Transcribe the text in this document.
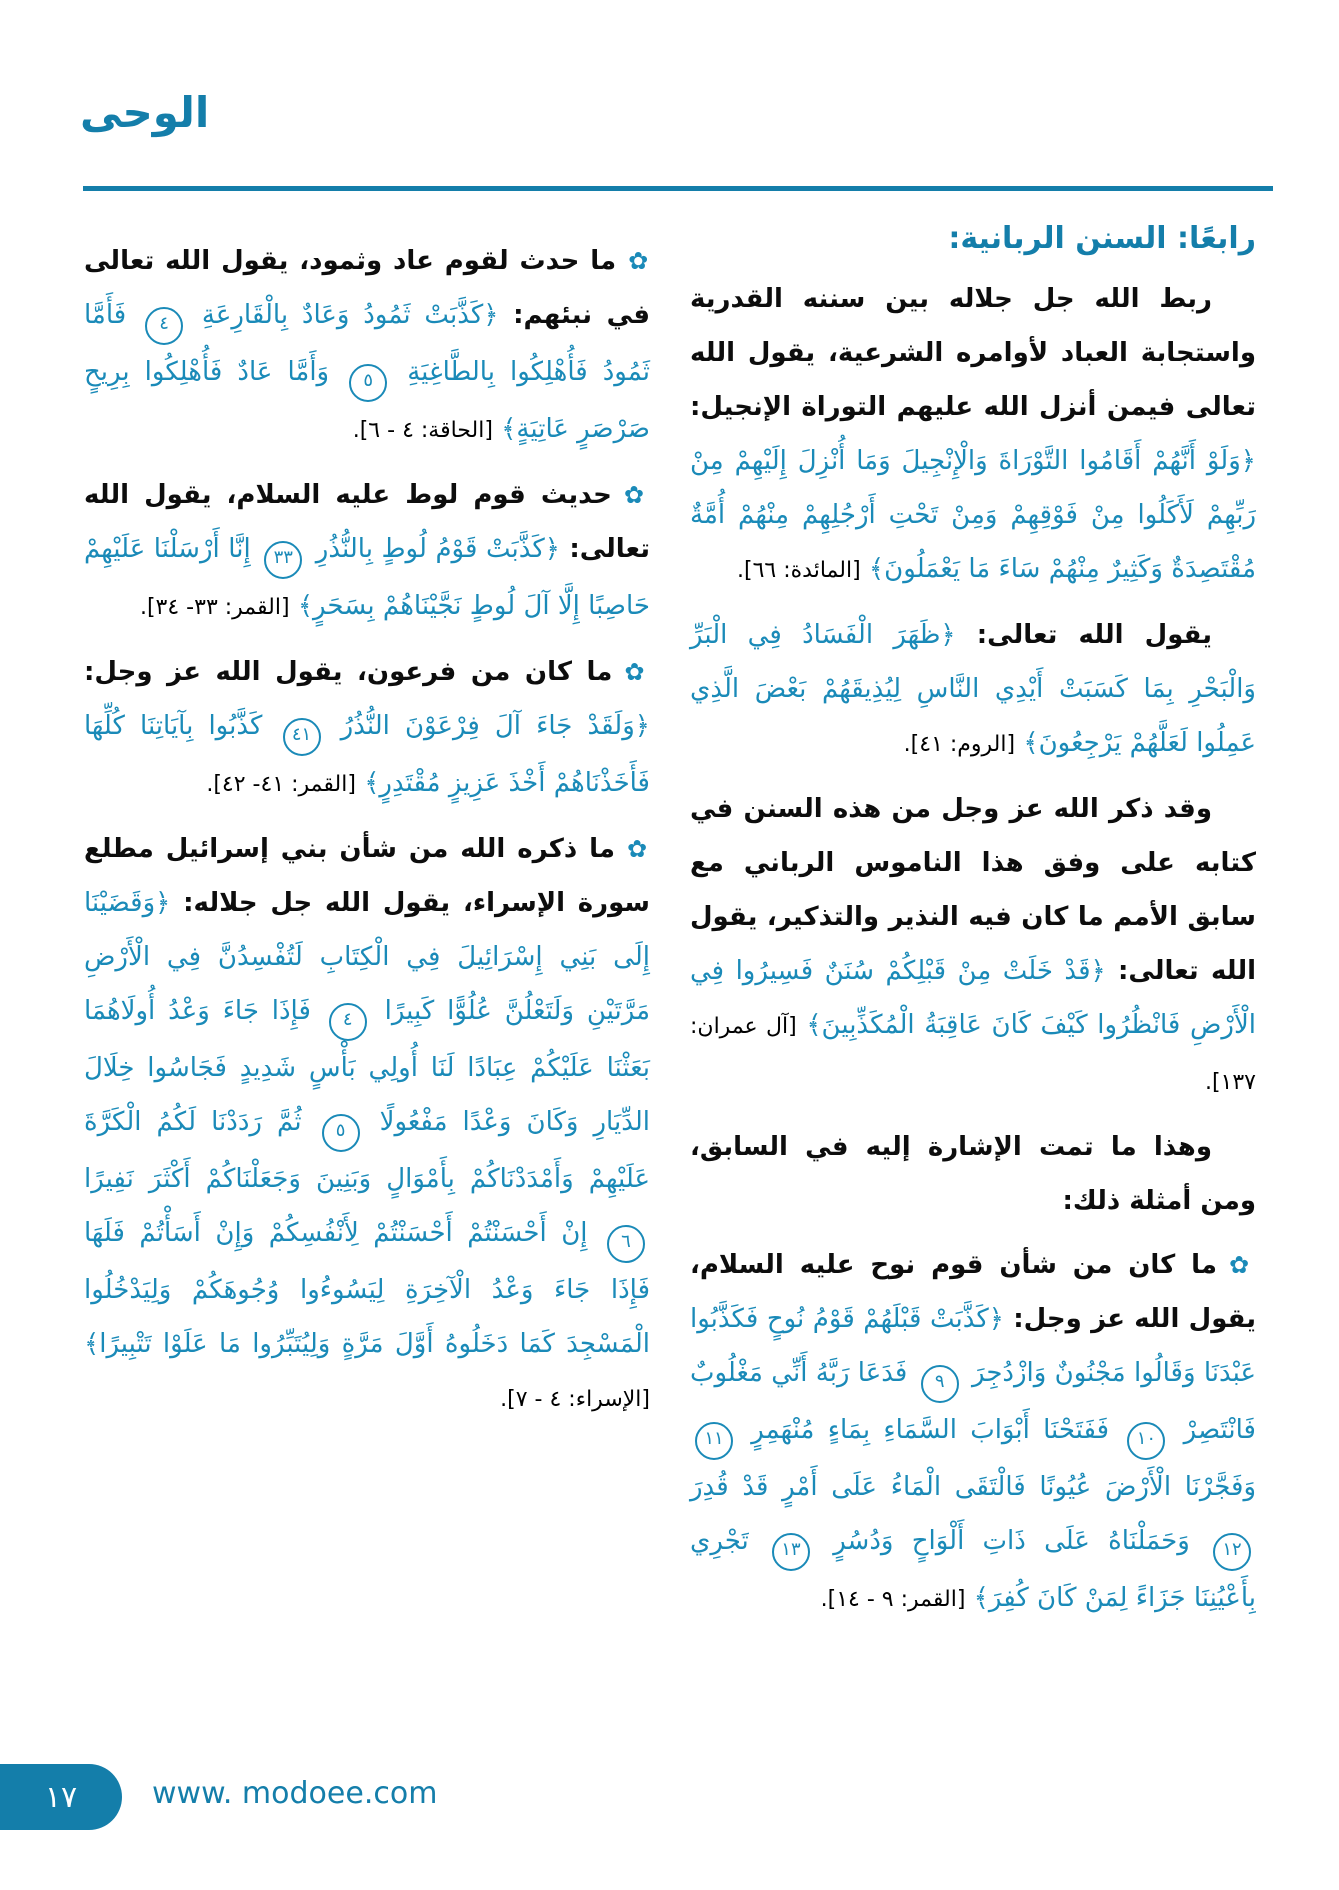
الوحى

رابعًا: السنن الربانية:

ربط الله جل جلاله بين سننه القدرية واستجابة العباد لأوامره الشرعية، يقول الله تعالى فيمن أنزل الله عليهم التوراة الإنجيل: ﴿وَلَوْ أَنَّهُمْ أَقَامُوا التَّوْرَاةَ وَالْإِنْجِيلَ وَمَا أُنْزِلَ إِلَيْهِمْ مِنْ رَبِّهِمْ لَأَكَلُوا مِنْ فَوْقِهِمْ وَمِنْ تَحْتِ أَرْجُلِهِمْ مِنْهُمْ أُمَّةٌ مُقْتَصِدَةٌ وَكَثِيرٌ مِنْهُمْ سَاءَ مَا يَعْمَلُونَ﴾ [المائدة: ٦٦].

يقول الله تعالى: ﴿ظَهَرَ الْفَسَادُ فِي الْبَرِّ وَالْبَحْرِ بِمَا كَسَبَتْ أَيْدِي النَّاسِ لِيُذِيقَهُمْ بَعْضَ الَّذِي عَمِلُوا لَعَلَّهُمْ يَرْجِعُونَ﴾ [الروم: ٤١].

وقد ذكر الله عز وجل من هذه السنن في كتابه على وفق هذا الناموس الرباني مع سابق الأمم ما كان فيه النذير والتذكير، يقول الله تعالى: ﴿قَدْ خَلَتْ مِنْ قَبْلِكُمْ سُنَنٌ فَسِيرُوا فِي الْأَرْضِ فَانْظُرُوا كَيْفَ كَانَ عَاقِبَةُ الْمُكَذِّبِينَ﴾ [آل عمران: ١٣٧].

وهذا ما تمت الإشارة إليه في السابق، ومن أمثلة ذلك:

✿ما كان من شأن قوم نوح عليه السلام، يقول الله عز وجل: ﴿كَذَّبَتْ قَبْلَهُمْ قَوْمُ نُوحٍ فَكَذَّبُوا عَبْدَنَا وَقَالُوا مَجْنُونٌ وَازْدُجِرَ ٩ فَدَعَا رَبَّهُ أَنِّي مَغْلُوبٌ فَانْتَصِرْ ١٠ فَفَتَحْنَا أَبْوَابَ السَّمَاءِ بِمَاءٍ مُنْهَمِرٍ ١١ وَفَجَّرْنَا الْأَرْضَ عُيُونًا فَالْتَقَى الْمَاءُ عَلَى أَمْرٍ قَدْ قُدِرَ ١٢ وَحَمَلْنَاهُ عَلَى ذَاتِ أَلْوَاحٍ وَدُسُرٍ ١٣ تَجْرِي بِأَعْيُنِنَا جَزَاءً لِمَنْ كَانَ كُفِرَ﴾ [القمر: ٩ - ١٤].

✿ما حدث لقوم عاد وثمود، يقول الله تعالى في نبئهم: ﴿كَذَّبَتْ ثَمُودُ وَعَادٌ بِالْقَارِعَةِ ٤ فَأَمَّا ثَمُودُ فَأُهْلِكُوا بِالطَّاغِيَةِ ٥ وَأَمَّا عَادٌ فَأُهْلِكُوا بِرِيحٍ صَرْصَرٍ عَاتِيَةٍ﴾ [الحاقة: ٤ - ٦].

✿حديث قوم لوط عليه السلام، يقول الله تعالى: ﴿كَذَّبَتْ قَوْمُ لُوطٍ بِالنُّذُرِ ٣٣ إِنَّا أَرْسَلْنَا عَلَيْهِمْ حَاصِبًا إِلَّا آلَ لُوطٍ نَجَّيْنَاهُمْ بِسَحَرٍ﴾ [القمر: ٣٣- ٣٤].

✿ما كان من فرعون، يقول الله عز وجل: ﴿وَلَقَدْ جَاءَ آلَ فِرْعَوْنَ النُّذُرُ ٤١ كَذَّبُوا بِآيَاتِنَا كُلِّهَا فَأَخَذْنَاهُمْ أَخْذَ عَزِيزٍ مُقْتَدِرٍ﴾ [القمر: ٤١- ٤٢].

✿ما ذكره الله من شأن بني إسرائيل مطلع سورة الإسراء، يقول الله جل جلاله: ﴿وَقَضَيْنَا إِلَى بَنِي إِسْرَائِيلَ فِي الْكِتَابِ لَتُفْسِدُنَّ فِي الْأَرْضِ مَرَّتَيْنِ وَلَتَعْلُنَّ عُلُوًّا كَبِيرًا ٤ فَإِذَا جَاءَ وَعْدُ أُولَاهُمَا بَعَثْنَا عَلَيْكُمْ عِبَادًا لَنَا أُولِي بَأْسٍ شَدِيدٍ فَجَاسُوا خِلَالَ الدِّيَارِ وَكَانَ وَعْدًا مَفْعُولًا ٥ ثُمَّ رَدَدْنَا لَكُمُ الْكَرَّةَ عَلَيْهِمْ وَأَمْدَدْنَاكُمْ بِأَمْوَالٍ وَبَنِينَ وَجَعَلْنَاكُمْ أَكْثَرَ نَفِيرًا ٦ إِنْ أَحْسَنْتُمْ أَحْسَنْتُمْ لِأَنْفُسِكُمْ وَإِنْ أَسَأْتُمْ فَلَهَا فَإِذَا جَاءَ وَعْدُ الْآخِرَةِ لِيَسُوءُوا وُجُوهَكُمْ وَلِيَدْخُلُوا الْمَسْجِدَ كَمَا دَخَلُوهُ أَوَّلَ مَرَّةٍ وَلِيُتَبِّرُوا مَا عَلَوْا تَتْبِيرًا﴾ [الإسراء: ٤ - ٧].

١٧ www. modoee.com
